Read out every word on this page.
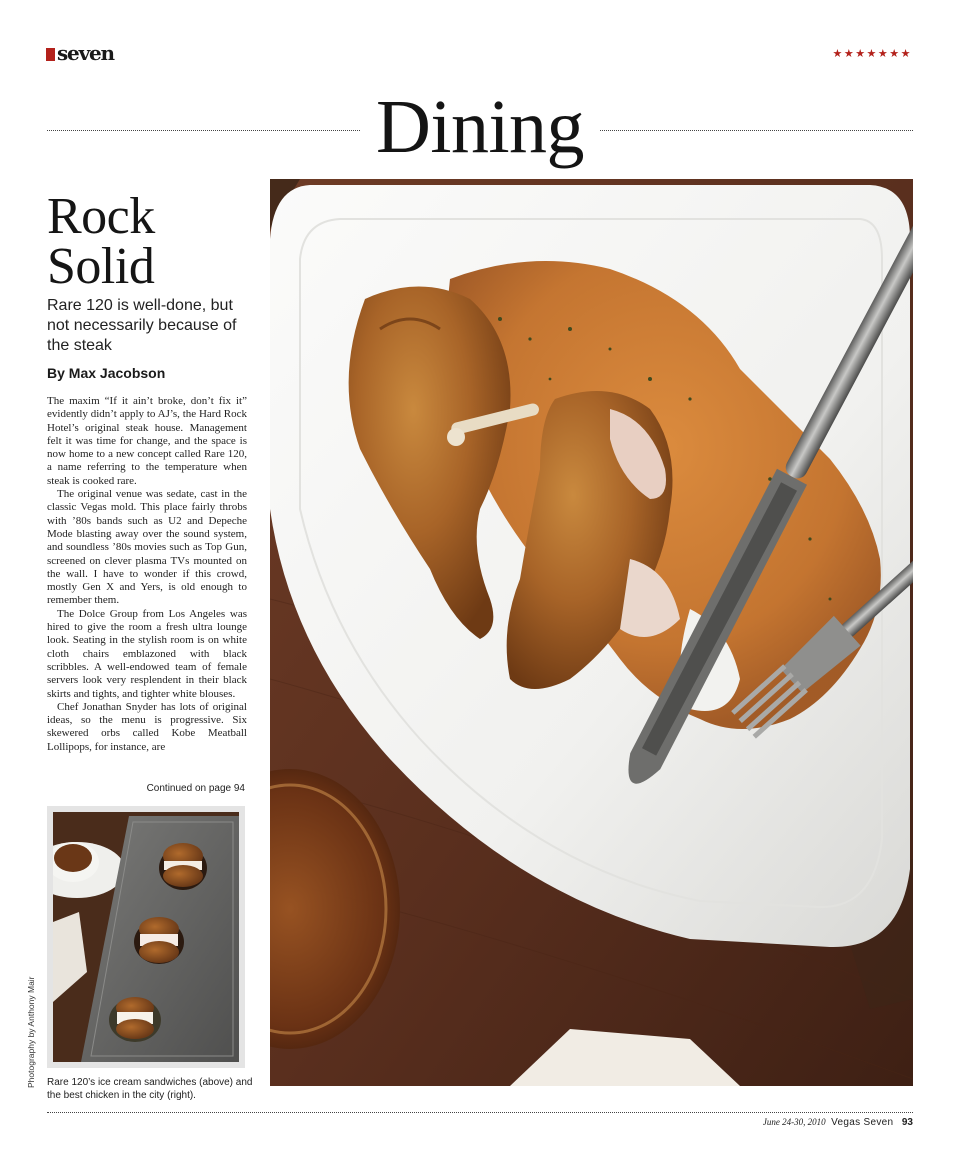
seven	★★★★★★★
Dining
Rock
Solid
Rare 120 is well-done, but not necessarily because of the steak
By Max Jacobson

The maxim “If it ain’t broke, don’t fix it” evidently didn’t apply to AJ’s, the Hard Rock Hotel’s original steak house. Management felt it was time for change, and the space is now home to a new concept called Rare 120, a name referring to the temperature when steak is cooked rare.

The original venue was sedate, cast in the classic Vegas mold. This place fairly throbs with ’80s bands such as U2 and Depeche Mode blasting away over the sound system, and soundless ’80s movies such as Top Gun, screened on clever plasma TVs mounted on the wall. I have to wonder if this crowd, mostly Gen X and Yers, is old enough to remember them.

The Dolce Group from Los Angeles was hired to give the room a fresh ultra lounge look. Seating in the stylish room is on white cloth chairs emblazoned with black scribbles. A well-endowed team of female servers look very resplendent in their black skirts and tights, and tighter white blouses.

Chef Jonathan Snyder has lots of original ideas, so the menu is progressive. Six skewered orbs called Kobe Meatball Lollipops, for instance, are

Continued on page 94
Photography by Anthony Mair Rare 120’s ice cream sandwiches (above) and the best chicken in the city (right).
June 24-30, 2010 Vegas Seven 93
